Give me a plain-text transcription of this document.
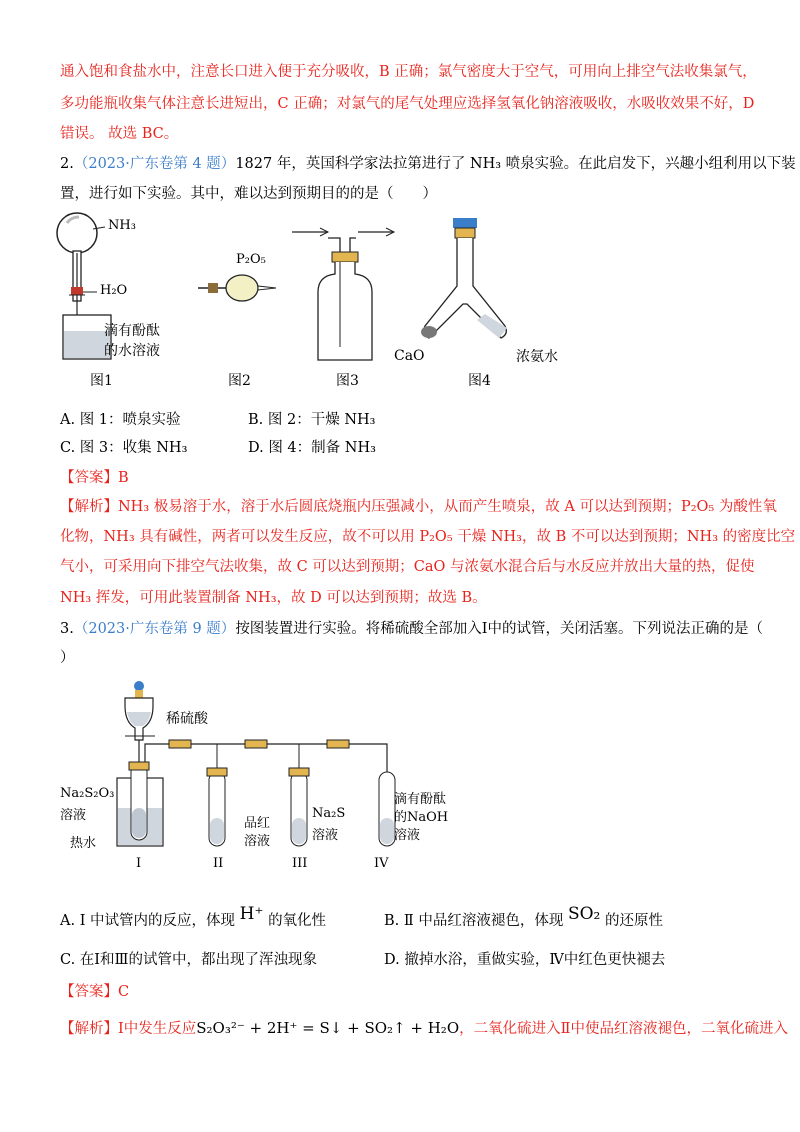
通入饱和食盐水中，注意长口进入便于充分吸收，B 正确；氯气密度大于空气，可用向上排空气法收集氯气，
多功能瓶收集气体注意长进短出，C 正确；对氯气的尾气处理应选择氢氧化钠溶液吸收，水吸收效果不好，D
错误。 故选 BC。
2.（2023·广东卷第 4 题）1827 年，英国科学家法拉第进行了 NH₃ 喷泉实验。在此启发下，兴趣小组利用以下装
置，进行如下实验。其中，难以达到预期目的的是（　　）
NH₃
H₂O
滴有酚酞
的水溶液
P₂O₅
CaO	浓氨水
图1	图2	图3	图4
A. 图 1：喷泉实验	B. 图 2：干燥 NH₃
C. 图 3：收集 NH₃	D. 图 4：制备 NH₃
【答案】B
【解析】NH₃ 极易溶于水，溶于水后圆底烧瓶内压强减小，从而产生喷泉，故 A 可以达到预期；P₂O₅ 为酸性氧
化物，NH₃ 具有碱性，两者可以发生反应，故不可以用 P₂O₅ 干燥 NH₃，故 B 不可以达到预期；NH₃ 的密度比空
气小，可采用向下排空气法收集，故 C 可以达到预期；CaO 与浓氨水混合后与水反应并放出大量的热，促使
NH₃ 挥发，可用此装置制备 NH₃，故 D 可以达到预期；故选 B。
3.（2023·广东卷第 9 题）按图装置进行实验。将稀硫酸全部加入Ⅰ中的试管，关闭活塞。下列说法正确的是（
）
稀硫酸
Na₂S₂O₃
溶液
热水
品红
溶液
Na₂S
溶液
滴有酚酞
的NaOH
溶液
I	II	III	IV
A. Ⅰ 中试管内的反应，体现 H⁺ 的氧化性	B. Ⅱ 中品红溶液褪色，体现 SO₂ 的还原性
C. 在Ⅰ和Ⅲ的试管中，都出现了浑浊现象	D. 撤掉水浴，重做实验，Ⅳ中红色更快褪去
【答案】C
【解析】Ⅰ中发生反应S₂O₃²⁻ + 2H⁺ = S↓ + SO₂↑ + H₂O，二氧化硫进入Ⅱ中使品红溶液褪色，二氧化硫进入
